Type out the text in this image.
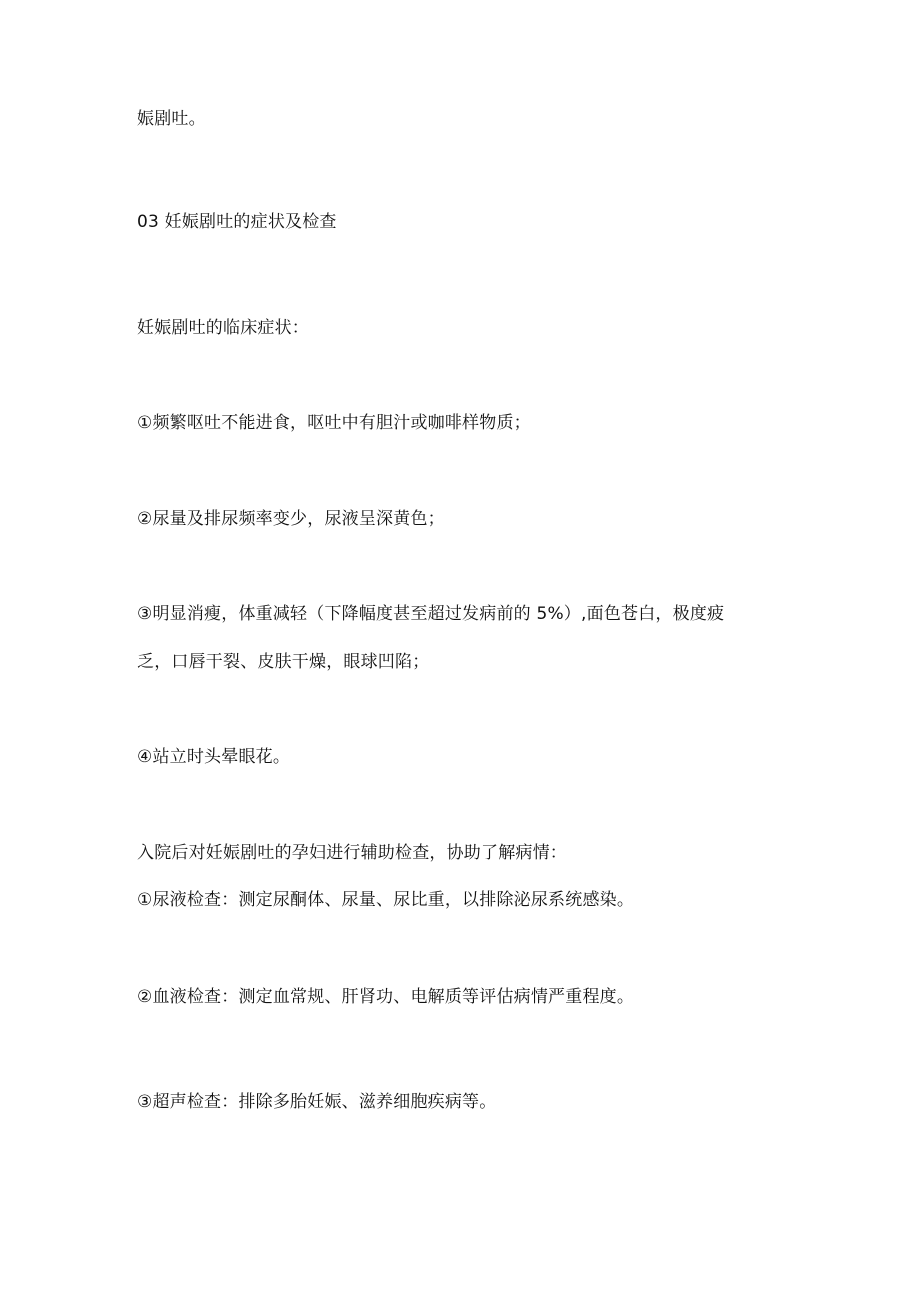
娠剧吐。
03 妊娠剧吐的症状及检查
妊娠剧吐的临床症状：
①频繁呕吐不能进食，呕吐中有胆汁或咖啡样物质；
②尿量及排尿频率变少，尿液呈深黄色；
③明显消瘦，体重减轻（下降幅度甚至超过发病前的 5%）,面色苍白，极度疲
乏，口唇干裂、皮肤干燥，眼球凹陷；
④站立时头晕眼花。
入院后对妊娠剧吐的孕妇进行辅助检查，协助了解病情：
①尿液检查：测定尿酮体、尿量、尿比重，以排除泌尿系统感染。
②血液检查：测定血常规、肝肾功、电解质等评估病情严重程度。
③超声检查：排除多胎妊娠、滋养细胞疾病等。
